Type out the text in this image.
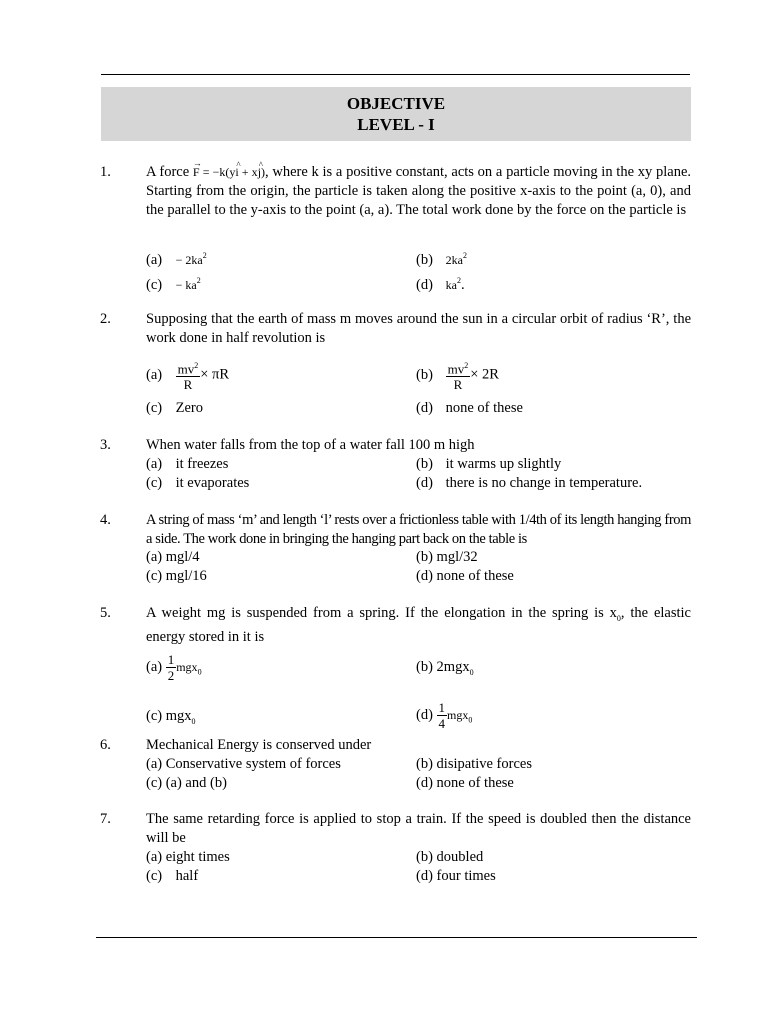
OBJECTIVE
LEVEL - I
1. A force → F = −k(y^ i + x^ j), where k is a positive constant, acts on a particle moving in the xy plane. Starting from the origin, the particle is taken along the positive x-axis to the point (a, 0), and the parallel to the y-axis to the point (a, a). The total work done by the force on the particle is
$(a) - 2ka^2$	(b) $2ka^2$
$(c) - ka^2$	(d) $ka^2$.
2. Supposing that the earth of mass m moves around the sun in a circular orbit of radius ‘R’, the work done in half revolution is
$(a) \frac{mv^2}{R} \times \pi R$	$(b) \frac{mv^2}{R} \times 2R$
(c) Zero	(d) none of these
3. When water falls from the top of a water fall 100 m high
(a) it freezes	(b) it warms up slightly
(c) it evaporates	(d) there is no change in temperature.
4. A string of mass ‘m’ and length ‘l’ rests over a frictionless table with 1/4th of its length hanging from a side. The work done in bringing the hanging part back on the table is
(a) mgl/4	(b) mgl/32
(c) mgl/16	(d) none of these
5. A weight mg is suspended from a spring. If the elongation in the spring is $x_0$, the elastic energy stored in it is
$(a) \frac{1}{2} mgx_0$	(b) 2mgx$_0$
(c) mgx$_0$	$(d) \frac{1}{4} mgx_0$
6. Mechanical Energy is conserved under
(a) Conservative system of forces	(b) disipative forces
(c) (a) and (b)	(d) none of these
7. The same retarding force is applied to stop a train. If the speed is doubled then the distance will be
(a) eight times	(b) doubled
(c) half	(d) four times
